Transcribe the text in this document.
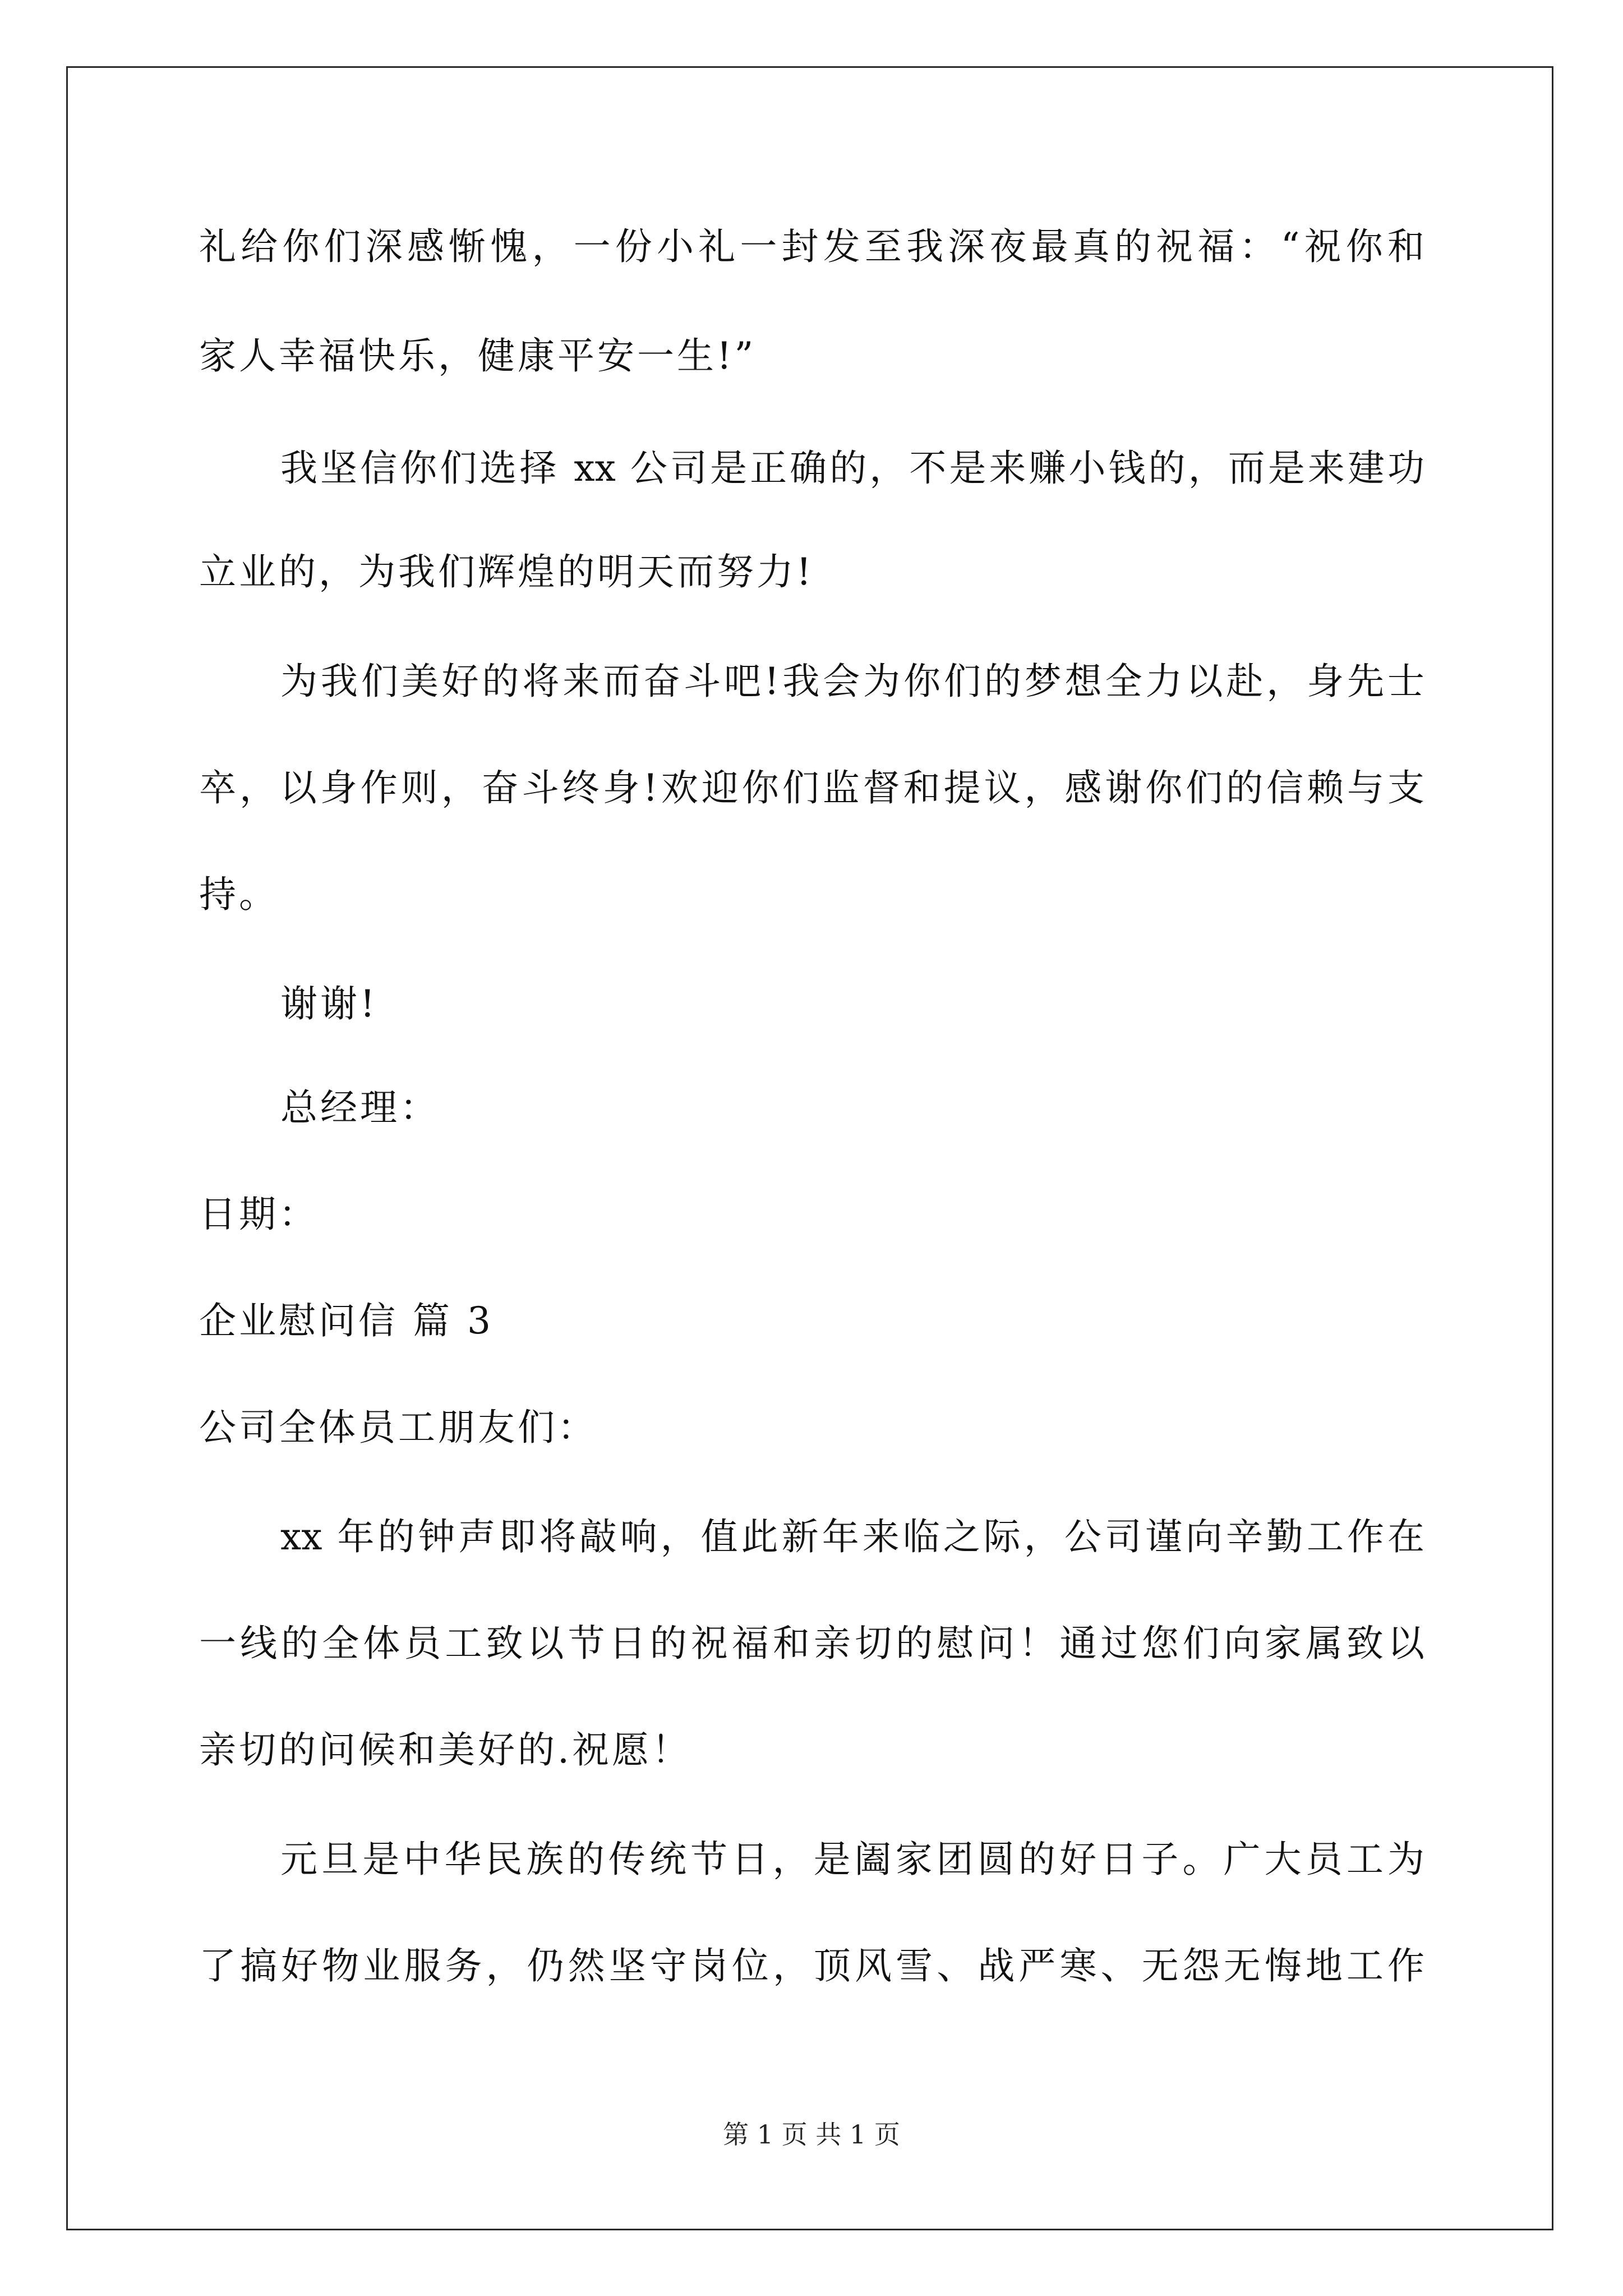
礼给你们深感惭愧，一份小礼一封发至我深夜最真的祝福：“祝你和
家人幸福快乐，健康平安一生!”
我坚信你们选择 xx 公司是正确的，不是来赚小钱的，而是来建功
立业的，为我们辉煌的明天而努力!
为我们美好的将来而奋斗吧!我会为你们的梦想全力以赴，身先士
卒，以身作则，奋斗终身!欢迎你们监督和提议，感谢你们的信赖与支
持。
谢谢!
总经理：
日期：
企业慰问信 篇 3
公司全体员工朋友们：
xx 年的钟声即将敲响，值此新年来临之际，公司谨向辛勤工作在
一线的全体员工致以节日的祝福和亲切的慰问！通过您们向家属致以
亲切的问候和美好的.祝愿！
元旦是中华民族的传统节日，是阖家团圆的好日子。广大员工为
了搞好物业服务，仍然坚守岗位，顶风雪、战严寒、无怨无悔地工作
第 1 页 共 1 页
